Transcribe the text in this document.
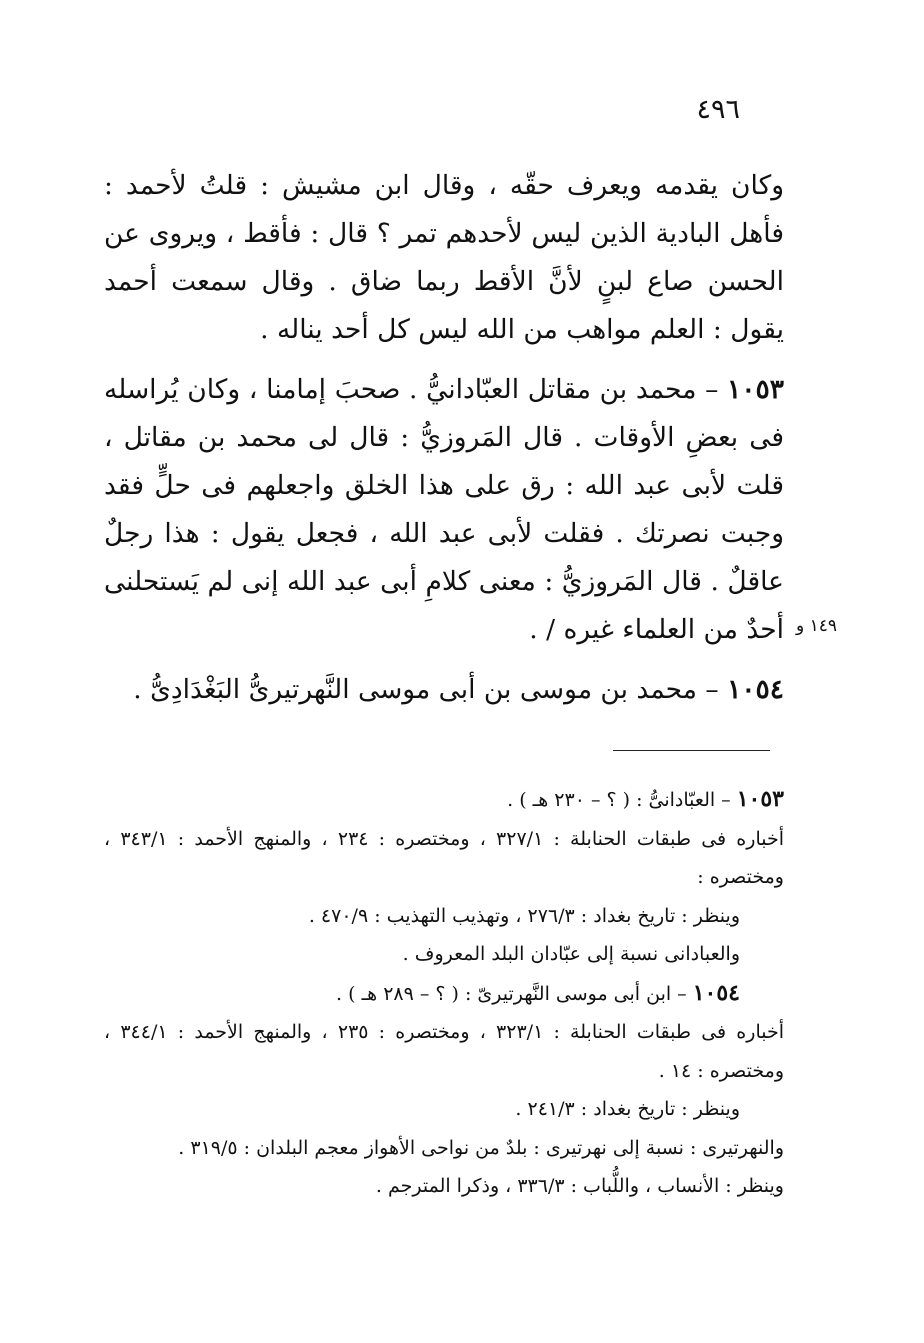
٤٩٦

وكان يقدمه ويعرف حقّه ، وقال ابن مشيش : قلتُ لأحمد : فأهل البادية الذين ليس لأحدهم تمر ؟ قال : فأقط ، ويروى عن الحسن صاع لبنٍ لأنَّ الأقط ربما ضاق . وقال سمعت أحمد يقول : العلم مواهب من الله ليس كل أحد يناله .

١٠٥٣ – محمد بن مقاتل العبّادانيُّ . صحبَ إمامنا ، وكان يُراسله فى بعضِ الأوقات . قال المَروزيُّ : قال لى محمد بن مقاتل ، قلت لأبى عبد الله : رق على هذا الخلق واجعلهم فى حلٍّ فقد وجبت نصرتك . فقلت لأبى عبد الله ، فجعل يقول : هذا رجلٌ عاقلٌ . قال المَروزيُّ : معنى كلامِ أبى عبد الله إنى لم يَستحلنى أحدٌ من العلماء غيره / .

١٠٥٤ – محمد بن موسى بن أبى موسى النَّهرتيرىُّ البَغْدَادِىُّ .

١٤٩ و

١٠٥٣ – العبّادانىُّ : ( ؟ – ٢٣٠ هـ ) .

أخباره فى طبقات الحنابلة : ٣٢٧/١ ، ومختصره : ٢٣٤ ، والمنهج الأحمد : ٣٤٣/١ ، ومختصره :

وينظر : تاريخ بغداد : ٢٧٦/٣ ، وتهذيب التهذيب : ٤٧٠/٩ .

والعبادانى نسبة إلى عبّادان البلد المعروف .

١٠٥٤ – ابن أبى موسى النَّهرتيرىّ : ( ؟ – ٢٨٩ هـ ) .

أخباره فى طبقات الحنابلة : ٣٢٣/١ ، ومختصره : ٢٣٥ ، والمنهج الأحمد : ٣٤٤/١ ، ومختصره : ١٤ .

وينظر : تاريخ بغداد : ٢٤١/٣ .

والنهرتيرى : نسبة إلى نهرتيرى : بلدٌ من نواحى الأهواز معجم البلدان : ٣١٩/٥ .

وينظر : الأنساب ، واللُّباب : ٣٣٦/٣ ، وذكرا المترجم .
